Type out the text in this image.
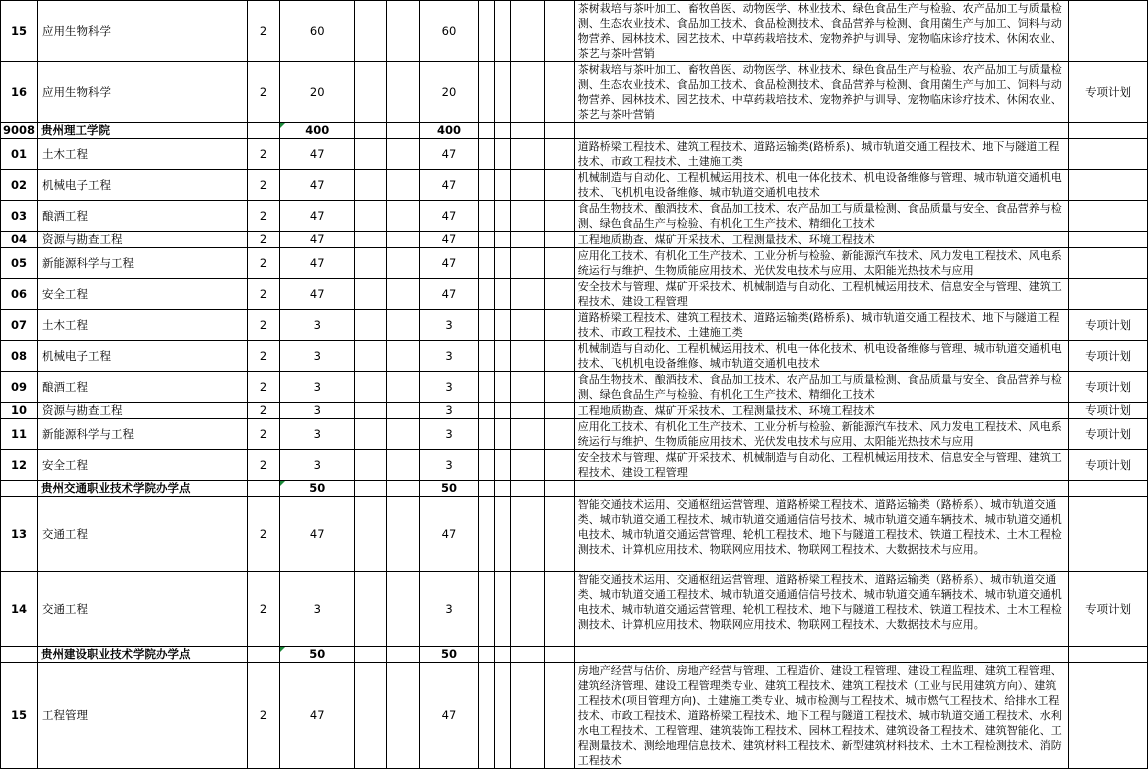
15	应用生物科学	2	60			60					茶树栽培与茶叶加工、畜牧兽医、动物医学、林业技术、绿色食品生产与检验、农产品加工与质量检测、生态农业技术、食品加工技术、食品检测技术、食品营养与检测、食用菌生产与加工、饲料与动物营养、园林技术、园艺技术、中草药栽培技术、宠物养护与训导、宠物临床诊疗技术、休闲农业、茶艺与茶叶营销	
16	应用生物科学	2	20			20					茶树栽培与茶叶加工、畜牧兽医、动物医学、林业技术、绿色食品生产与检验、农产品加工与质量检测、生态农业技术、食品加工技术、食品检测技术、食品营养与检测、食用菌生产与加工、饲料与动物营养、园林技术、园艺技术、中草药栽培技术、宠物养护与训导、宠物临床诊疗技术、休闲农业、茶艺与茶叶营销	专项计划
9008	贵州理工学院		400			400						
01	土木工程	2	47			47					道路桥梁工程技术、建筑工程技术、道路运输类(路桥系)、城市轨道交通工程技术、地下与隧道工程技术、市政工程技术、土建施工类	
02	机械电子工程	2	47			47					机械制造与自动化、工程机械运用技术、机电一体化技术、机电设备维修与管理、城市轨道交通机电技术、飞机机电设备维修、城市轨道交通机电技术	
03	酿酒工程	2	47			47					食品生物技术、酿酒技术、食品加工技术、农产品加工与质量检测、食品质量与安全、食品营养与检测、绿色食品生产与检验、有机化工生产技术、精细化工技术	
04	资源与勘查工程	2	47			47					工程地质勘查、煤矿开采技术、工程测量技术、环境工程技术	
05	新能源科学与工程	2	47			47					应用化工技术、有机化工生产技术、工业分析与检验、新能源汽车技术、风力发电工程技术、风电系统运行与维护、生物质能应用技术、光伏发电技术与应用、太阳能光热技术与应用	
06	安全工程	2	47			47					安全技术与管理、煤矿开采技术、机械制造与自动化、工程机械运用技术、信息安全与管理、建筑工程技术、建设工程管理	
07	土木工程	2	3			3					道路桥梁工程技术、建筑工程技术、道路运输类(路桥系)、城市轨道交通工程技术、地下与隧道工程技术、市政工程技术、土建施工类	专项计划
08	机械电子工程	2	3			3					机械制造与自动化、工程机械运用技术、机电一体化技术、机电设备维修与管理、城市轨道交通机电技术、飞机机电设备维修、城市轨道交通机电技术	专项计划
09	酿酒工程	2	3			3					食品生物技术、酿酒技术、食品加工技术、农产品加工与质量检测、食品质量与安全、食品营养与检测、绿色食品生产与检验、有机化工生产技术、精细化工技术	专项计划
10	资源与勘查工程	2	3			3					工程地质勘查、煤矿开采技术、工程测量技术、环境工程技术	专项计划
11	新能源科学与工程	2	3			3					应用化工技术、有机化工生产技术、工业分析与检验、新能源汽车技术、风力发电工程技术、风电系统运行与维护、生物质能应用技术、光伏发电技术与应用、太阳能光热技术与应用	专项计划
12	安全工程	2	3			3					安全技术与管理、煤矿开采技术、机械制造与自动化、工程机械运用技术、信息安全与管理、建筑工程技术、建设工程管理	专项计划
	贵州交通职业技术学院办学点		50			50						
13	交通工程	2	47			47					智能交通技术运用、交通枢纽运营管理、道路桥梁工程技术、道路运输类（路桥系）、城市轨道交通类、城市轨道交通工程技术、城市轨道交通通信信号技术、城市轨道交通车辆技术、城市轨道交通机电技术、城市轨道交通运营管理、轮机工程技术、地下与隧道工程技术、铁道工程技术、土木工程检测技术、计算机应用技术、物联网应用技术、物联网工程技术、大数据技术与应用。	
14	交通工程	2	3			3					智能交通技术运用、交通枢纽运营管理、道路桥梁工程技术、道路运输类（路桥系）、城市轨道交通类、城市轨道交通工程技术、城市轨道交通通信信号技术、城市轨道交通车辆技术、城市轨道交通机电技术、城市轨道交通运营管理、轮机工程技术、地下与隧道工程技术、铁道工程技术、土木工程检测技术、计算机应用技术、物联网应用技术、物联网工程技术、大数据技术与应用。	专项计划
	贵州建设职业技术学院办学点		50			50						
15	工程管理	2	47			47					房地产经营与估价、房地产经营与管理、工程造价、建设工程管理、建设工程监理、建筑工程管理、建筑经济管理、建设工程管理类专业、建筑工程技术、建筑工程技术（工业与民用建筑方向）、建筑工程技术(项目管理方向)、土建施工类专业、城市检测与工程技术、城市燃气工程技术、给排水工程技术、市政工程技术、道路桥梁工程技术、地下工程与隧道工程技术、城市轨道交通工程技术、水利水电工程技术、工程管理、建筑装饰工程技术、园林工程技术、建筑设备工程技术、建筑智能化、工程测量技术、测绘地理信息技术、建筑材料工程技术、新型建筑材料技术、土木工程检测技术、消防工程技术	
